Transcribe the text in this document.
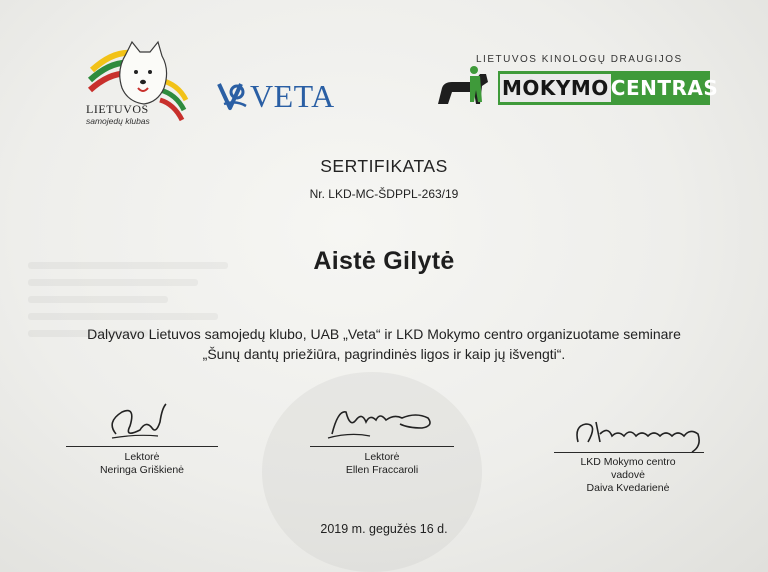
LIETUVOS
samojedų klubas
VETA
LIETUVOS KINOLOGŲ DRAUGIJOS
MOKYMO CENTRAS
SERTIFIKATAS
Nr. LKD-MC-ŠDPPL-263/19
Aistė Gilytė
Dalyvavo Lietuvos samojedų klubo, UAB „Veta“ ir LKD Mokymo centro organizuotame seminare
„Šunų dantų priežiūra, pagrindinės ligos ir kaip jų išvengti“.
Lektorė
Neringa Griškienė
Lektorė
Ellen Fraccaroli
LKD Mokymo centro
vadovė
Daiva Kvedarienė
2019 m. gegužės 16 d.
